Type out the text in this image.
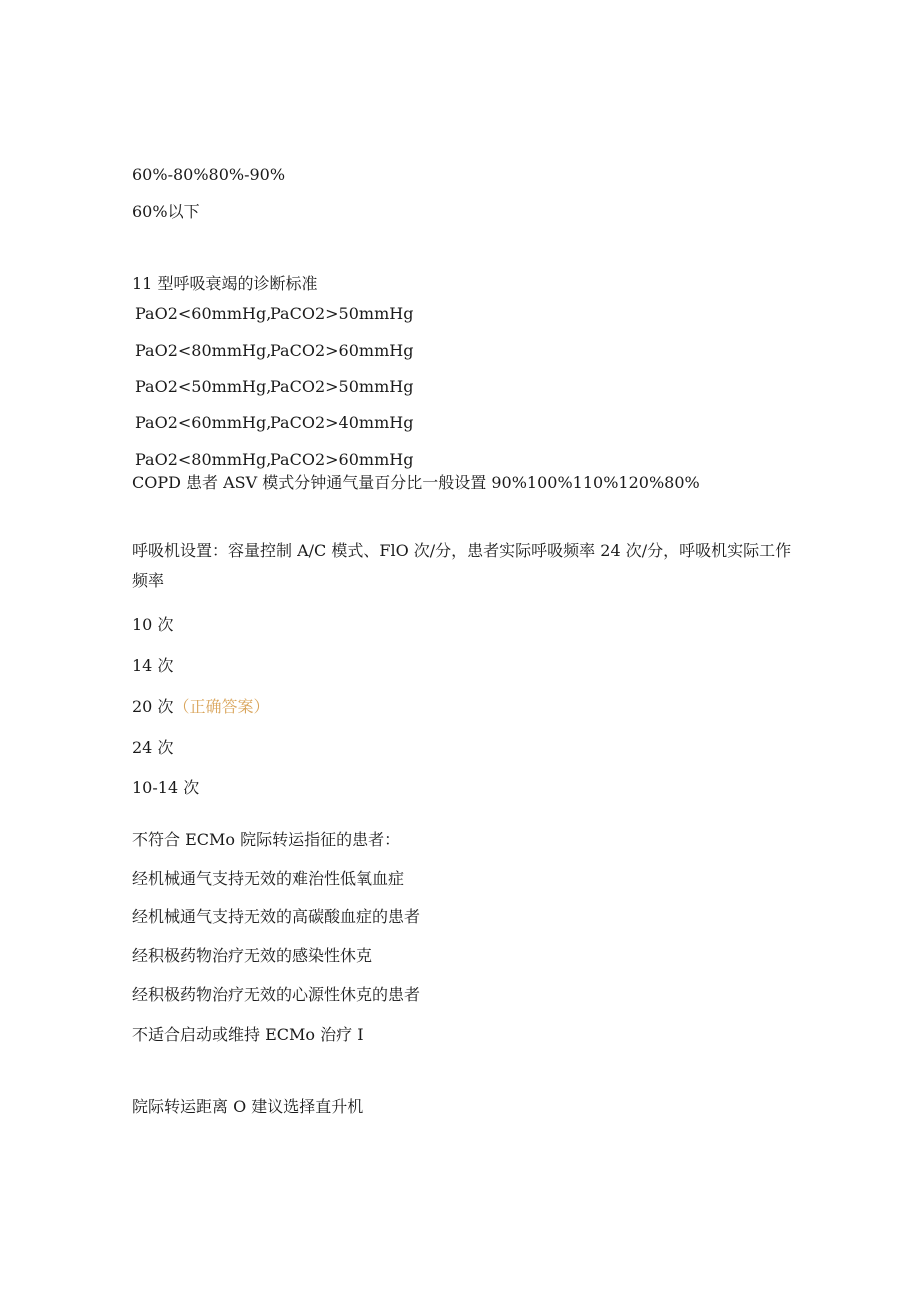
60%-80%80%-90%
60%以下
11 型呼吸衰竭的诊断标准
PaO2<60mmHg,PaCO2>50mmHg
PaO2<80mmHg,PaCO2>60mmHg
PaO2<50mmHg,PaCO2>50mmHg
PaO2<60mmHg,PaCO2>40mmHg
PaO2<80mmHg,PaCO2>60mmHg
COPD 患者 ASV 模式分钟通气量百分比一般设置 90%100%110%120%80%
呼吸机设置：容量控制 A/C 模式、FlO 次/分，患者实际呼吸频率 24 次/分，呼吸机实际工作频率
10 次
14 次
20 次（正确答案）
24 次
10-14 次
不符合 ECMo 院际转运指征的患者：
经机械通气支持无效的难治性低氧血症
经机械通气支持无效的高碳酸血症的患者
经积极药物治疗无效的感染性休克
经积极药物治疗无效的心源性休克的患者
不适合启动或维持 ECMo 治疗 I
院际转运距离 O 建议选择直升机
